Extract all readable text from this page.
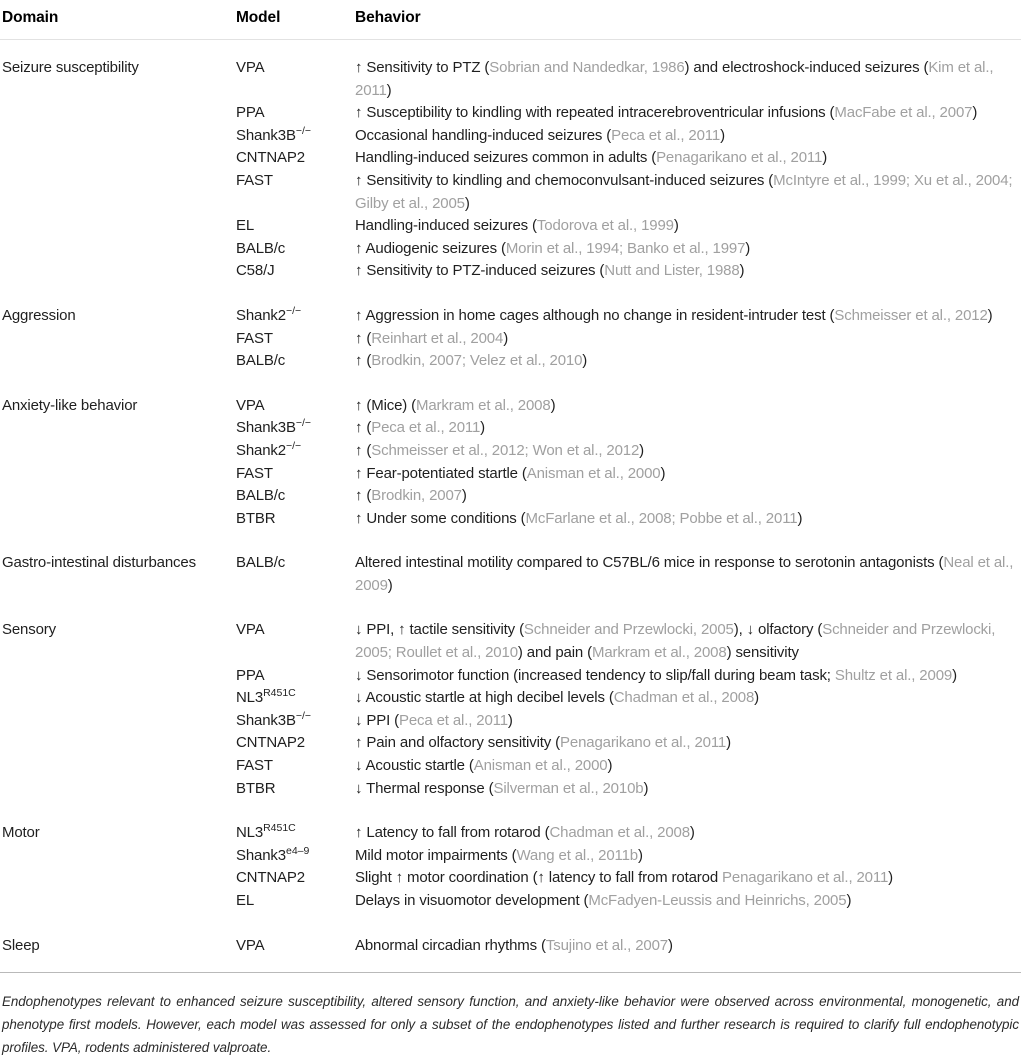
Domain	Model	Behavior
Seizure susceptibility	VPA	↑ Sensitivity to PTZ (Sobrian and Nandedkar, 1986) and electroshock-induced seizures (Kim et al., 2011)
	PPA	↑ Susceptibility to kindling with repeated intracerebroventricular infusions (MacFabe et al., 2007)
	Shank3B−/−	Occasional handling-induced seizures (Peca et al., 2011)
	CNTNAP2	Handling-induced seizures common in adults (Penagarikano et al., 2011)
	FAST	↑ Sensitivity to kindling and chemoconvulsant-induced seizures (McIntyre et al., 1999; Xu et al., 2004; Gilby et al., 2005)
	EL	Handling-induced seizures (Todorova et al., 1999)
	BALB/c	↑ Audiogenic seizures (Morin et al., 1994; Banko et al., 1997)
	C58/J	↑ Sensitivity to PTZ-induced seizures (Nutt and Lister, 1988)
Aggression	Shank2−/−	↑ Aggression in home cages although no change in resident-intruder test (Schmeisser et al., 2012)
	FAST	↑ (Reinhart et al., 2004)
	BALB/c	↑ (Brodkin, 2007; Velez et al., 2010)
Anxiety-like behavior	VPA	↑ (Mice) (Markram et al., 2008)
	Shank3B−/−	↑ (Peca et al., 2011)
	Shank2−/−	↑ (Schmeisser et al., 2012; Won et al., 2012)
	FAST	↑ Fear-potentiated startle (Anisman et al., 2000)
	BALB/c	↑ (Brodkin, 2007)
	BTBR	↑ Under some conditions (McFarlane et al., 2008; Pobbe et al., 2011)
Gastro-intestinal disturbances	BALB/c	Altered intestinal motility compared to C57BL/6 mice in response to serotonin antagonists (Neal et al., 2009)
Sensory	VPA	↓ PPI, ↑ tactile sensitivity (Schneider and Przewlocki, 2005), ↓ olfactory (Schneider and Przewlocki, 2005; Roullet et al., 2010) and pain (Markram et al., 2008) sensitivity
	PPA	↓ Sensorimotor function (increased tendency to slip/fall during beam task; Shultz et al., 2009)
	$NL3^{R451C}$	↓ Acoustic startle at high decibel levels (Chadman et al., 2008)
	Shank3B−/−	↓ PPI (Peca et al., 2011)
	CNTNAP2	↑ Pain and olfactory sensitivity (Penagarikano et al., 2011)
	FAST	↓ Acoustic startle (Anisman et al., 2000)
	BTBR	↓ Thermal response (Silverman et al., 2010b)
Motor	$NL3^{R451C}$	↑ Latency to fall from rotarod (Chadman et al., 2008)
	$Shank3^{e4-9}$	Mild motor impairments (Wang et al., 2011b)
	CNTNAP2	Slight ↑ motor coordination (↑ latency to fall from rotarod Penagarikano et al., 2011)
	EL	Delays in visuomotor development (McFadyen-Leussis and Heinrichs, 2005)
Sleep	VPA	Abnormal circadian rhythms (Tsujino et al., 2007)
Endophenotypes relevant to enhanced seizure susceptibility, altered sensory function, and anxiety-like behavior were observed across environmental, monogenetic, and phenotype first models. However, each model was assessed for only a subset of the endophenotypes listed and further research is required to clarify full endophenotypic profiles. VPA, rodents administered valproate.
